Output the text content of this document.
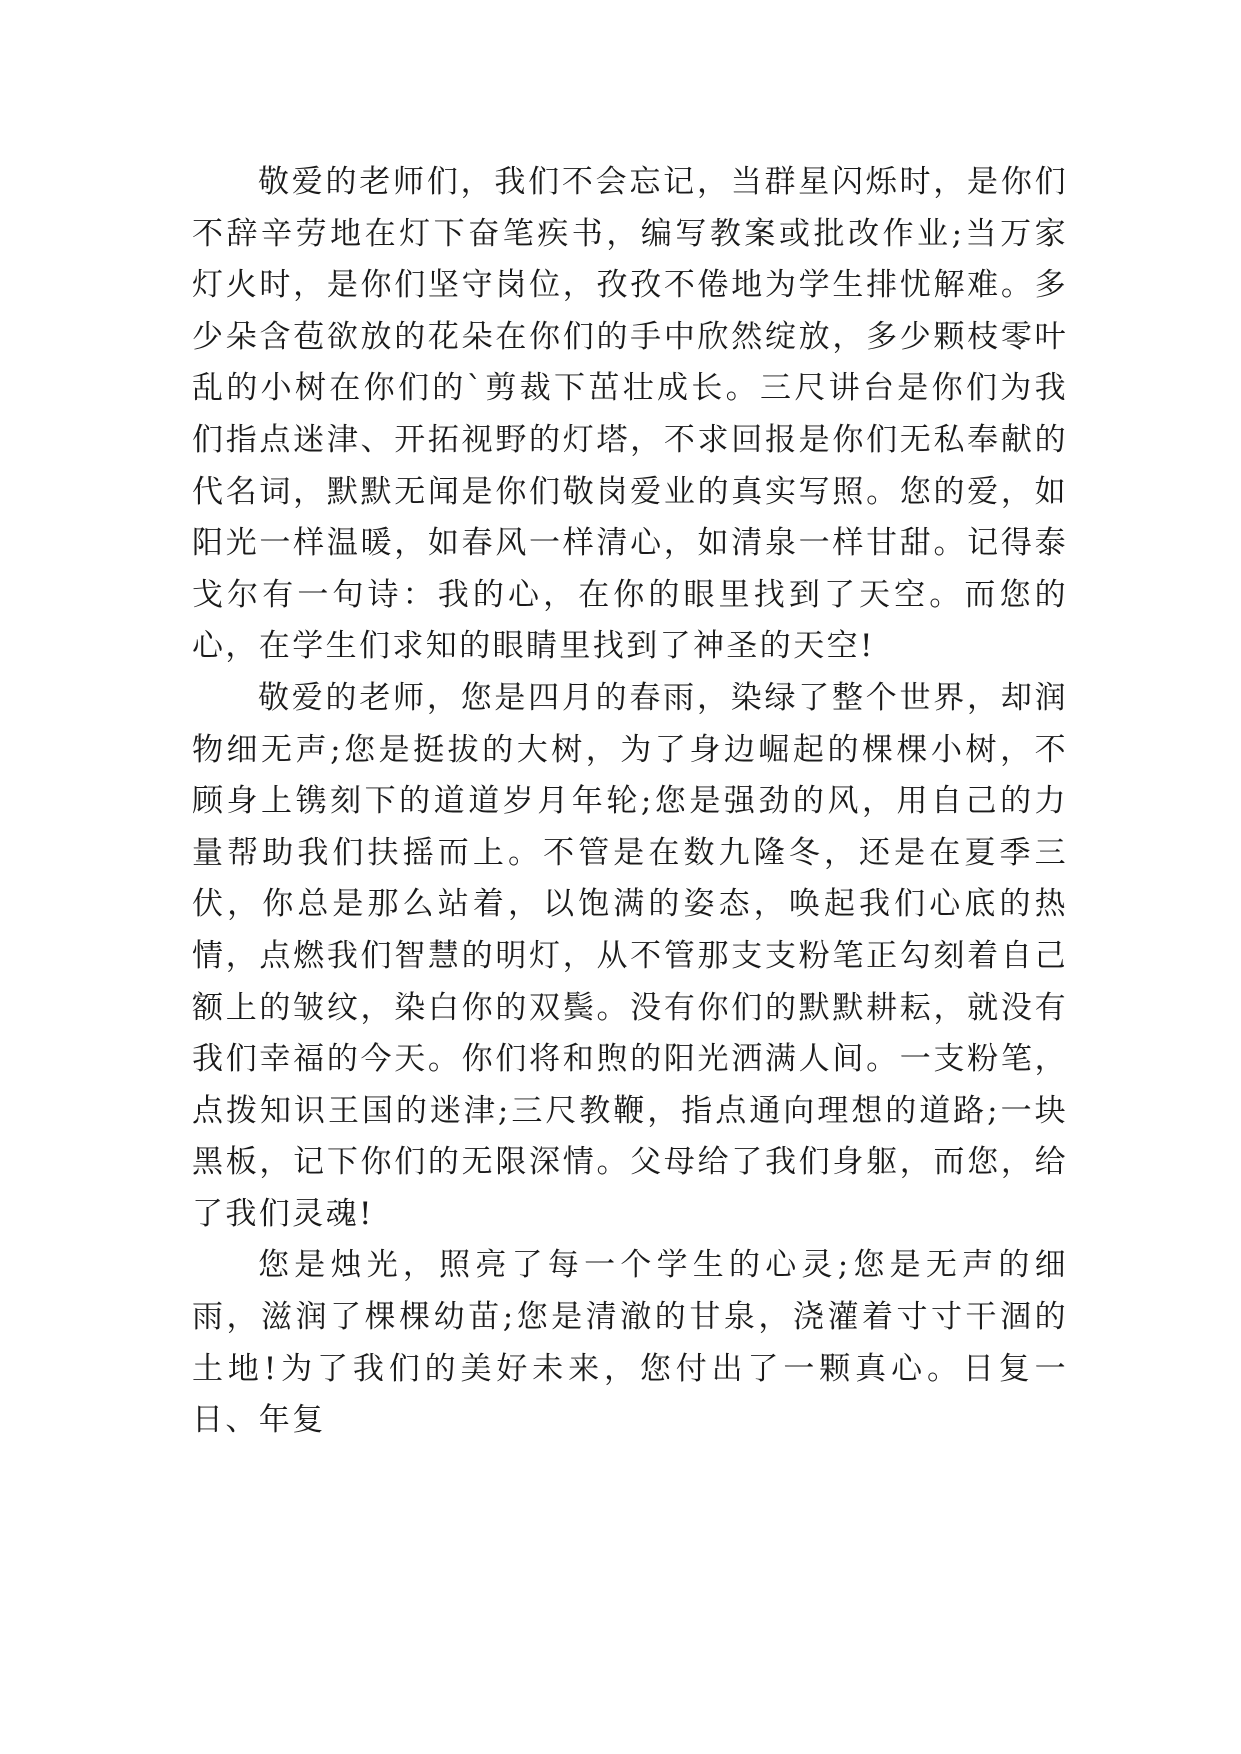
敬爱的老师们，我们不会忘记，当群星闪烁时，是你们不辞辛劳地在灯下奋笔疾书，编写教案或批改作业;当万家灯火时，是你们坚守岗位，孜孜不倦地为学生排忧解难。多少朵含苞欲放的花朵在你们的手中欣然绽放，多少颗枝零叶乱的小树在你们的`剪裁下茁壮成长。三尺讲台是你们为我们指点迷津、开拓视野的灯塔，不求回报是你们无私奉献的代名词，默默无闻是你们敬岗爱业的真实写照。您的爱，如阳光一样温暖，如春风一样清心，如清泉一样甘甜。记得泰戈尔有一句诗：我的心，在你的眼里找到了天空。而您的心，在学生们求知的眼睛里找到了神圣的天空!

敬爱的老师，您是四月的春雨，染绿了整个世界，却润物细无声;您是挺拔的大树，为了身边崛起的棵棵小树，不顾身上镌刻下的道道岁月年轮;您是强劲的风，用自己的力量帮助我们扶摇而上。不管是在数九隆冬，还是在夏季三伏，你总是那么站着，以饱满的姿态，唤起我们心底的热情，点燃我们智慧的明灯，从不管那支支粉笔正勾刻着自己额上的皱纹，染白你的双鬓。没有你们的默默耕耘，就没有我们幸福的今天。你们将和煦的阳光洒满人间。一支粉笔，点拨知识王国的迷津;三尺教鞭，指点通向理想的道路;一块黑板，记下你们的无限深情。父母给了我们身躯，而您，给了我们灵魂!

您是烛光，照亮了每一个学生的心灵;您是无声的细雨，滋润了棵棵幼苗;您是清澈的甘泉，浇灌着寸寸干涸的土地!为了我们的美好未来，您付出了一颗真心。日复一日、年复
